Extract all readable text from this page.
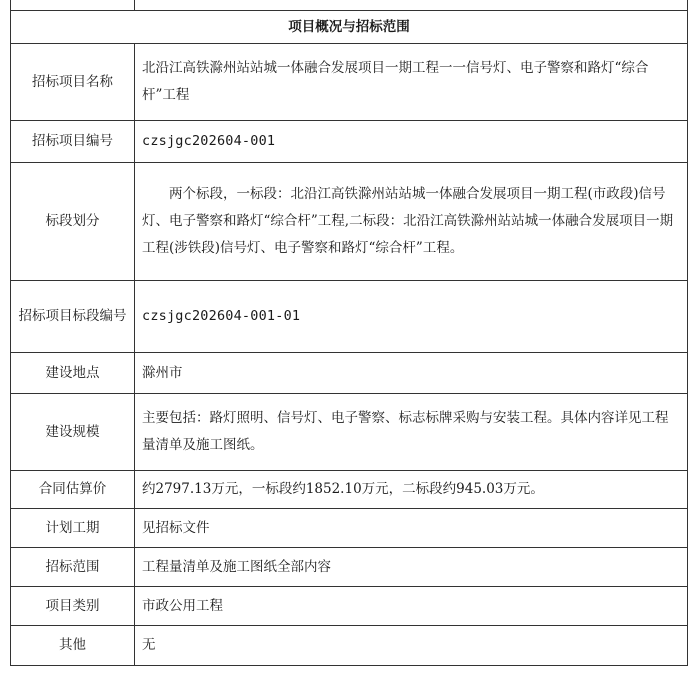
项目概况与招标范围	
招标项目名称	北沿江高铁滁州站站城一体融合发展项目一期工程一一信号灯、电子警察和路灯“综合杆”工程
招标项目编号	czsjgc202604-001
标段划分	两个标段，一标段：北沿江高铁滁州站站城一体融合发展项目一期工程(市政段)信号灯、电子警察和路灯“综合杆”工程,二标段：北沿江高铁滁州站站城一体融合发展项目一期工程(涉铁段)信号灯、电子警察和路灯“综合杆”工程。
招标项目标段编号	czsjgc202604-001-01
建设地点	滁州市
建设规模	主要包括：路灯照明、信号灯、电子警察、标志标牌采购与安装工程。具体内容详见工程量清单及施工图纸。
合同估算价	约2797.13万元，一标段约1852.10万元，二标段约945.03万元。
计划工期	见招标文件
招标范围	工程量清单及施工图纸全部内容
项目类别	市政公用工程
其他	无
